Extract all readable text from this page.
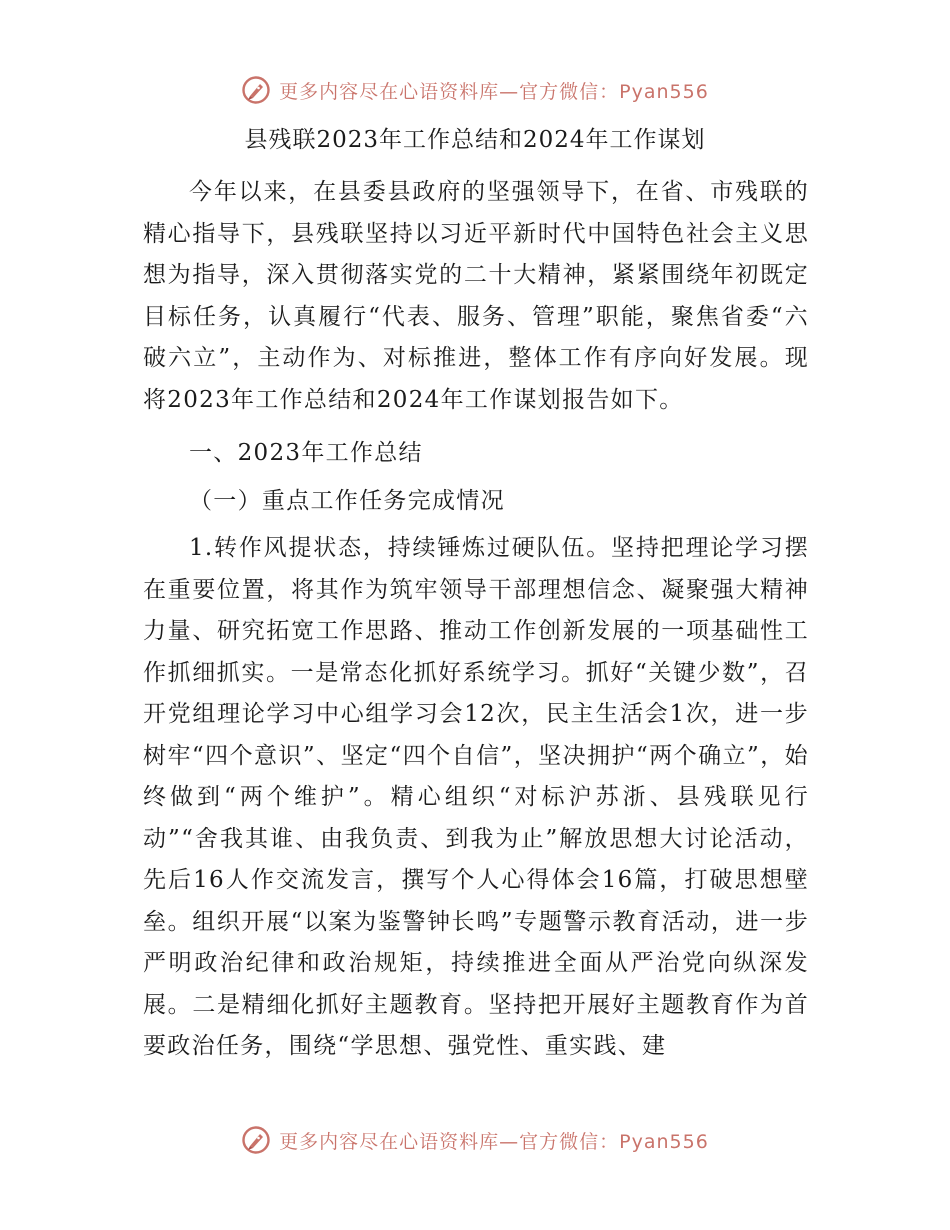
更多内容尽在心语资料库—官方微信：Pyan556
县残联2023年工作总结和2024年工作谋划

今年以来，在县委县政府的坚强领导下，在省、市残联的精心指导下，县残联坚持以习近平新时代中国特色社会主义思想为指导，深入贯彻落实党的二十大精神，紧紧围绕年初既定目标任务，认真履行“代表、服务、管理”职能，聚焦省委“六破六立”，主动作为、对标推进，整体工作有序向好发展。现将2023年工作总结和2024年工作谋划报告如下。

一、2023年工作总结

（一）重点工作任务完成情况

1.转作风提状态，持续锤炼过硬队伍。坚持把理论学习摆在重要位置，将其作为筑牢领导干部理想信念、凝聚强大精神力量、研究拓宽工作思路、推动工作创新发展的一项基础性工作抓细抓实。一是常态化抓好系统学习。抓好“关键少数”，召开党组理论学习中心组学习会12次，民主生活会1次，进一步树牢“四个意识”、坚定“四个自信”，坚决拥护“两个确立”，始终做到“两个维护”。精心组织“对标沪苏浙、县残联见行动”“舍我其谁、由我负责、到我为止”解放思想大讨论活动，先后16人作交流发言，撰写个人心得体会16篇，打破思想壁垒。组织开展“以案为鉴警钟长鸣”专题警示教育活动，进一步严明政治纪律和政治规矩，持续推进全面从严治党向纵深发展。二是精细化抓好主题教育。坚持把开展好主题教育作为首要政治任务，围绕“学思想、强党性、重实践、建

更多内容尽在心语资料库—官方微信：Pyan556
